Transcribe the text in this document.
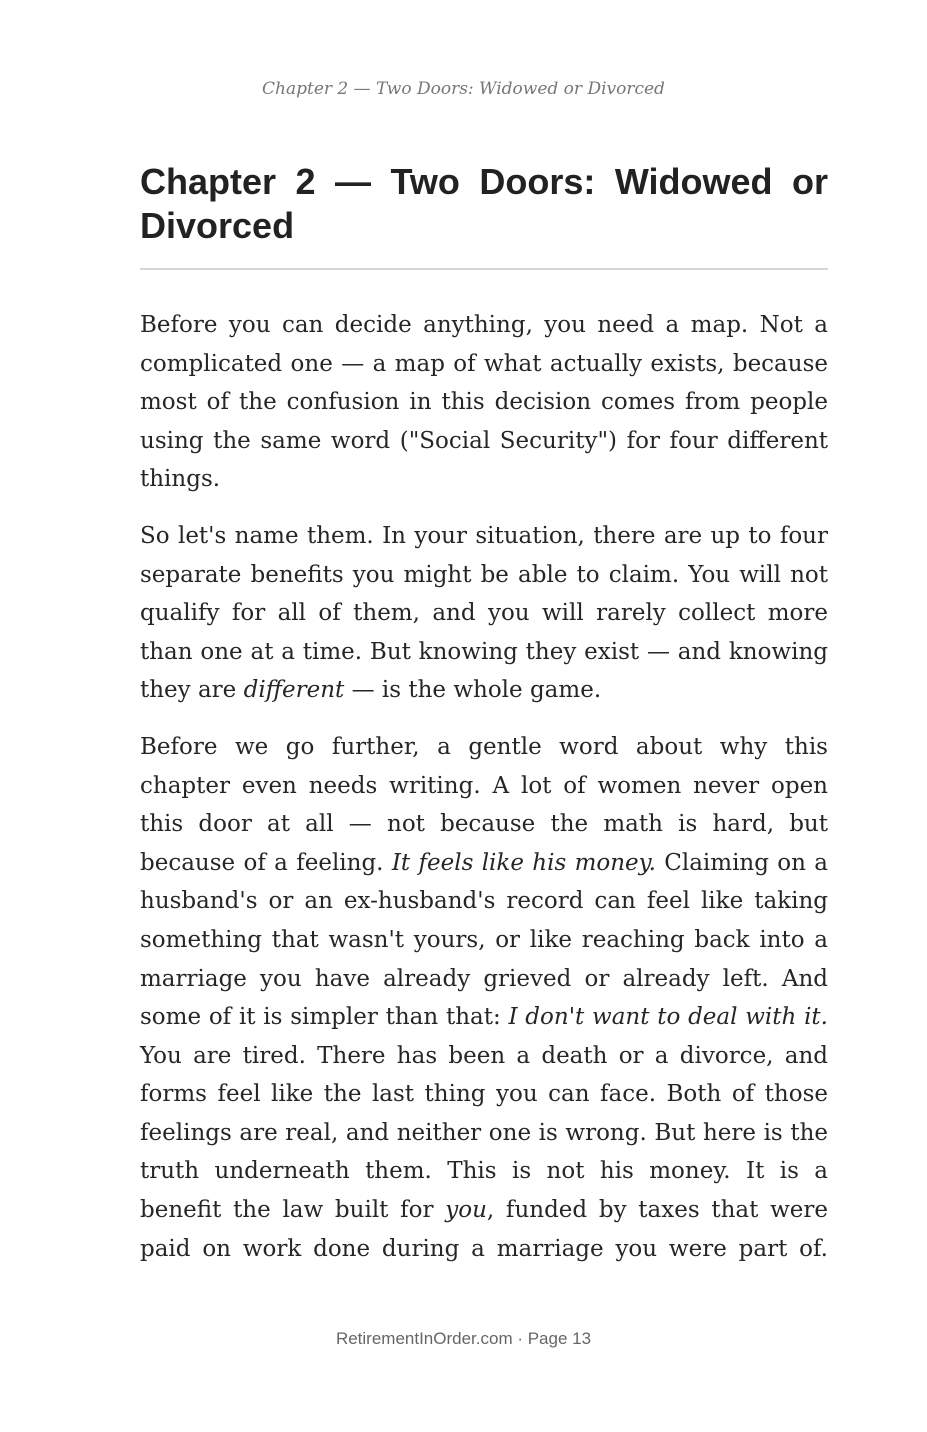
Chapter 2 — Two Doors: Widowed or Divorced
Chapter 2 — Two Doors: Widowed or Divorced

Before you can decide anything, you need a map. Not a complicated one — a map of what actually exists, because most of the confusion in this decision comes from people using the same word ("Social Security") for four different things.

So let's name them. In your situation, there are up to four separate benefits you might be able to claim. You will not qualify for all of them, and you will rarely collect more than one at a time. But knowing they exist — and knowing they are different — is the whole game.

Before we go further, a gentle word about why this chapter even needs writing. A lot of women never open this door at all — not because the math is hard, but because of a feeling. It feels like his money. Claiming on a husband's or an ex-husband's record can feel like taking something that wasn't yours, or like reaching back into a marriage you have already grieved or already left. And some of it is simpler than that: I don't want to deal with it. You are tired. There has been a death or a divorce, and forms feel like the last thing you can face. Both of those feelings are real, and neither one is wrong. But here is the truth underneath them. This is not his money. It is a benefit the law built for you, funded by taxes that were paid on work done during a marriage you were part of.

RetirementInOrder.com · Page 13
